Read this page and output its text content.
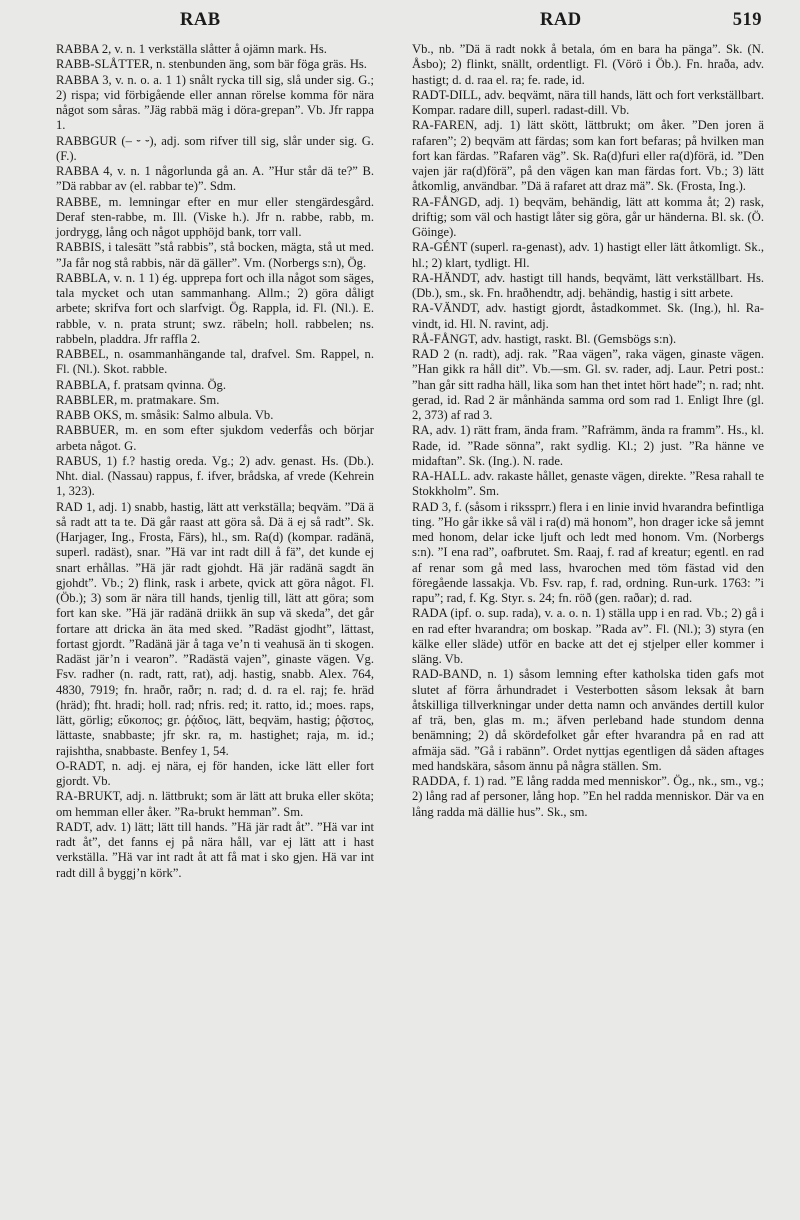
RAB	RAD	519

RABBA 2, v. n. 1 verkställa slåtter å ojämn mark. Hs.

RABB-SLÅTTER, n. stenbunden äng, som bär föga gräs. Hs.

RABBA 3, v. n. o. a. 1 1) snålt rycka till sig, slå under sig. G.; 2) rispa; vid förbigående eller annan rörelse komma för nära något som såras. ”Jäg rabbä mäg i döra-grepan”. Vb. Jfr rappa 1.

RABBGUR (– ⏑ ⏑), adj. som rifver till sig, slår under sig. G. (F.).

RABBA 4, v. n. 1 någorlunda gå an. A. ”Hur står dä te?” B. ”Dä rabbar av (el. rabbar te)”. Sdm.

RABBE, m. lemningar efter en mur eller stengärdesgård. Deraf sten-rabbe, m. Ill. (Viske h.). Jfr n. rabbe, rabb, m. jordrygg, lång och något upphöjd bank, torr vall.

RABBIS, i talesätt ”stå rabbis”, stå bocken, mägta, stå ut med. ”Ja får nog stå rabbis, när dä gäller”. Vm. (Norbergs s:n), Ög.

RABBLA, v. n. 1 1) ég. upprepa fort och illa något som säges, tala mycket och utan sammanhang. Allm.; 2) göra dåligt arbete; skrifva fort och slarfvigt. Ög. Rappla, id. Fl. (Nl.). E. rabble, v. n. prata strunt; swz. räbeln; holl. rabbelen; ns. rabbeln, pladdra. Jfr raffla 2.

RABBEL, n. osammanhängande tal, drafvel. Sm. Rappel, n. Fl. (Nl.). Skot. rabble.

RABBLA, f. pratsam qvinna. Ög.

RABBLER, m. pratmakare. Sm.

RABB OKS, m. småsik: Salmo albula. Vb.

RABBUER, m. en som efter sjukdom vederfås och börjar arbeta något. G.

RABUS, 1) f.? hastig oreda. Vg.; 2) adv. genast. Hs. (Db.). Nht. dial. (Nassau) rappus, f. ifver, brådska, af vrede (Kehrein 1, 323).

RAD 1, adj. 1) snabb, hastig, lätt att verkställa; beqväm. ”Dä ä så radt att ta te. Dä går raast att göra så. Dä ä ej så radt”. Sk. (Harjager, Ing., Frosta, Färs), hl., sm. Ra(d) (kompar. radänä, superl. radäst), snar. ”Hä var int radt dill å fä”, det kunde ej snart erhållas. ”Hä jär radt gjohdt. Hä jär radänä sagdt än gjohdt”. Vb.; 2) flink, rask i arbete, qvick att göra något. Fl. (Öb.); 3) som är nära till hands, tjenlig till, lätt att göra; som fort kan ske. ”Hä jär radänä driikk än sup vä skeda”, det går fortare att dricka än äta med sked. ”Radäst gjodht”, lättast, fortast gjordt. ”Radänä jär å taga ve’n ti veahusä än ti skogen. Radäst jär’n i vearon”. ”Radästä vajen”, ginaste vägen. Vg. Fsv. radher (n. radt, ratt, rat), adj. hastig, snabb. Alex. 764, 4830, 7919; fn. hraðr, raðr; n. rad; d. d. ra el. raj; fe. hräd (hräd); fht. hradi; holl. rad; nfris. red; it. ratto, id.; moes. raps, lätt, görlig; εὔκοπος; gr. ῥᾴδιος, lätt, beqväm, hastig; ῥᾷστος, lättaste, snabbaste; jfr skr. ra, m. hastighet; raja, m. id.; rajishtha, snabbaste. Benfey 1, 54.

O-RADT, n. adj. ej nära, ej för handen, icke lätt eller fort gjordt. Vb.

RA-BRUKT, adj. n. lättbrukt; som är lätt att bruka eller sköta; om hemman eller åker. ”Ra-brukt hemman”. Sm.

RADT, adv. 1) lätt; lätt till hands. ”Hä jär radt åt”. ”Hä var int radt åt”, det fanns ej på nära håll, var ej lätt att i hast verkställa. ”Hä var int radt åt att få mat i sko gjen. Hä var int radt dill å byggj’n körk”.

Vb., nb. ”Dä ä radt nokk å betala, óm en bara ha pänga”. Sk. (N. Åsbo); 2) flinkt, snällt, ordentligt. Fl. (Vörö i Öb.). Fn. hraða, adv. hastigt; d. d. raa el. ra; fe. rade, id.

RADT-DILL, adv. beqvämt, nära till hands, lätt och fort verkställbart. Kompar. radare dill, superl. radast-dill. Vb.

RA-FAREN, adj. 1) lätt skött, lättbrukt; om åker. ”Den joren ä rafaren”; 2) beqväm att färdas; som kan fort befaras; på hvilken man fort kan färdas. ”Rafaren väg”. Sk. Ra(d)furi eller ra(d)förä, id. ”Den vajen jär ra(d)förä”, på den vägen kan man färdas fort. Vb.; 3) lätt åtkomlig, användbar. ”Dä ä rafaret att draz mä”. Sk. (Frosta, Ing.).

RA-FÅNGD, adj. 1) beqväm, behändig, lätt att komma åt; 2) rask, driftig; som väl och hastigt låter sig göra, går ur händerna. Bl. sk. (Ö. Göinge).

RA-GÉNT (superl. ra-genast), adv. 1) hastigt eller lätt åtkomligt. Sk., hl.; 2) klart, tydligt. Hl.

RA-HÄNDT, adv. hastigt till hands, beqvämt, lätt verkställbart. Hs. (Db.), sm., sk. Fn. hraðhendtr, adj. behändig, hastig i sitt arbete.

RA-VÄNDT, adv. hastigt gjordt, åstadkommet. Sk. (Ing.), hl. Ra-vindt, id. Hl. N. ravint, adj.

RÅ-FÅNGT, adv. hastigt, raskt. Bl. (Gemsbögs s:n).

RAD 2 (n. radt), adj. rak. ”Raa vägen”, raka vägen, ginaste vägen. ”Han gikk ra håll dit”. Vb.—sm. Gl. sv. rader, adj. Laur. Petri post.: ”han går sitt radha häll, lika som han thet intet hört hade”; n. rad; nht. gerad, id. Rad 2 är månhända samma ord som rad 1. Enligt Ihre (gl. 2, 373) af rad 3.

RA, adv. 1) rätt fram, ända fram. ”Rafrämm, ända ra framm”. Hs., kl. Rade, id. ”Rade sönna”, rakt sydlig. Kl.; 2) just. ”Ra hänne ve midaftan”. Sk. (Ing.). N. rade.

RA-HALL. adv. rakaste hållet, genaste vägen, direkte. ”Resa rahall te Stokkholm”. Sm.

RAD 3, f. (såsom i rikssprr.) flera i en linie invid hvarandra befintliga ting. ”Ho går ikke så väl i ra(d) mä honom”, hon drager icke så jemnt med honom, delar icke ljuft och ledt med honom. Vm. (Norbergs s:n). ”I ena rad”, oafbrutet. Sm. Raaj, f. rad af kreatur; egentl. en rad af renar som gå med lass, hvarochen med töm fästad vid den föregående lassakja. Vb. Fsv. rap, f. rad, ordning. Run-urk. 1763: ”i rapu”; rad, f. Kg. Styr. s. 24; fn. röð (gen. raðar); d. rad.

RADA (ipf. o. sup. rada), v. a. o. n. 1) ställa upp i en rad. Vb.; 2) gå i en rad efter hvarandra; om boskap. ”Rada av”. Fl. (Nl.); 3) styra (en kälke eller släde) utför en backe att det ej stjelper eller kommer i släng. Vb.

RAD-BAND, n. 1) såsom lemning efter katholska tiden gafs mot slutet af förra århundradet i Vesterbotten såsom leksak åt barn åtskilliga tillverkningar under detta namn och användes dertill kulor af trä, ben, glas m. m.; äfven perleband hade stundom denna benämning; 2) då skördefolket går efter hvarandra på en rad att afmäja säd. ”Gå i rabänn”. Ordet nyttjas egentligen då säden aftages med handskära, såsom ännu på några ställen. Sm.

RADDA, f. 1) rad. ”E lång radda med menniskor”. Ög., nk., sm., vg.; 2) lång rad af personer, lång hop. ”En hel radda menniskor. Där va en lång radda mä dällie hus”. Sk., sm.
